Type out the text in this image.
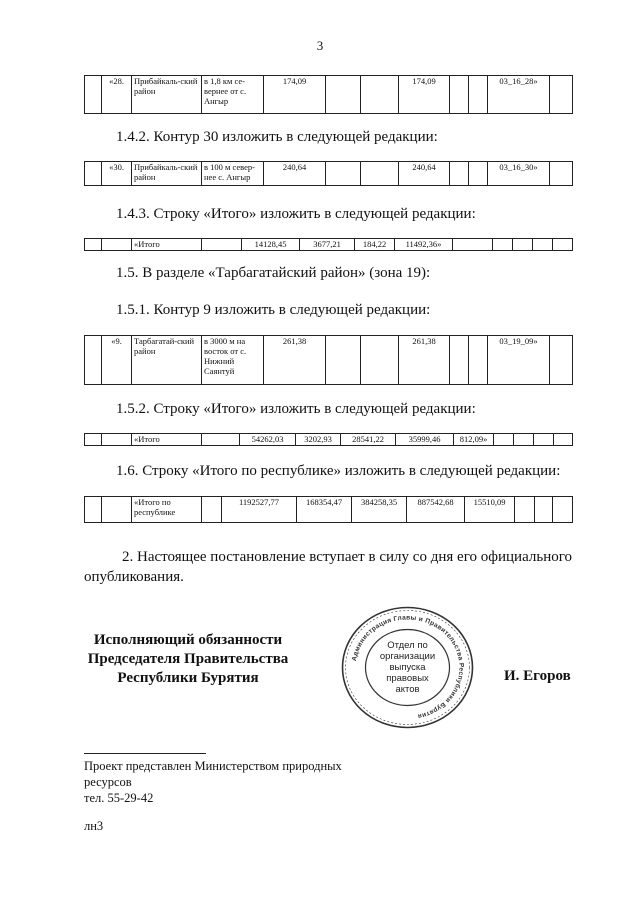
3
	«28.	Прибайкаль-ский район	в 1,8 км се-вернее от с. Ангыр	174,09			174,09			03_16_28»	
1.4.2. Контур 30 изложить в следующей редакции:
	«30.	Прибайкаль-ский район	в 100 м север-нее с. Ангыр	240,64			240,64			03_16_30»	
1.4.3. Строку «Итого» изложить в следующей редакции:
		«Итого		14128,45	3677,21	184,22	11492,36»					
1.5. В разделе «Тарбагатайский район» (зона 19):
1.5.1. Контур 9 изложить в следующей редакции:
	«9.	Тарбагатай-ский район	в 3000 м на восток от с. Нижний Саянтуй	261,38			261,38			03_19_09»	
1.5.2. Строку «Итого» изложить в следующей редакции:
		«Итого		54262,03	3202,93	28541,22	35999,46	812,09»				
1.6. Строку «Итого по республике» изложить в следующей редакции:
		«Итого по республике		1192527,77	168354,47	384258,35	887542,68	15510,09			
2. Настоящее постановление вступает в силу со дня его официального опубликования.
Исполняющий обязанности
Председателя Правительства
Республики Бурятия
Администрация Главы и Правительства Республики Бурятия
Отдел по
организации
выпуска
правовых
актов
И. Егоров
Проект представлен Министерством природных
ресурсов
тел. 55-29-42
лн3
